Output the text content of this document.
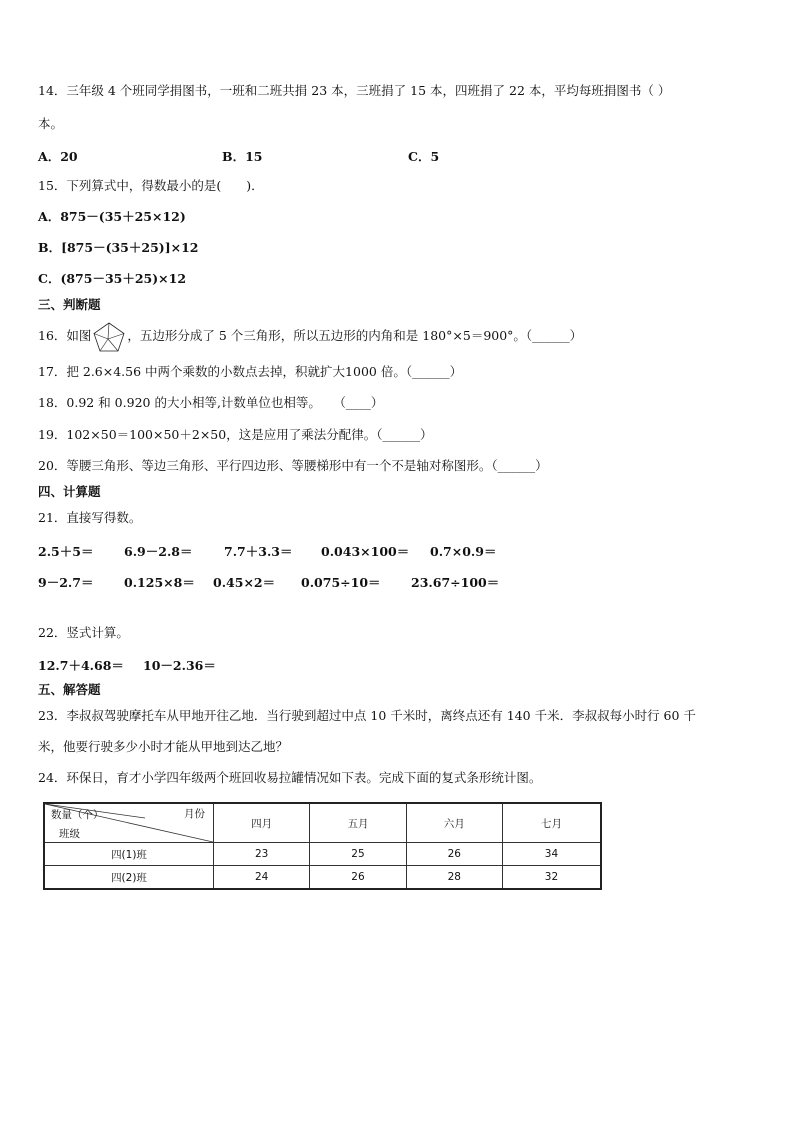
14．三年级 4 个班同学捐图书，一班和二班共捐 23 本，三班捐了 15 本，四班捐了 22 本，平均每班捐图书（ ）
本。
A．20	B．15	C．5
15．下列算式中，得数最小的是(　　)．
A．875－(35＋25×12)
B．[875－(35＋25)]×12
C．(875－35＋25)×12
三、判断题
16．如图	，五边形分成了 5 个三角形，所以五边形的内角和是 180°×5＝900°。（______）
17．把 2.6×4.56 中两个乘数的小数点去掉，积就扩大1000 倍。（______）
18．0.92 和 0.920 的大小相等,计数单位也相等。　　（____）
19．102×50＝100×50＋2×50，这是应用了乘法分配律。（______）
20．等腰三角形、等边三角形、平行四边形、等腰梯形中有一个不是轴对称图形。（______）
四、计算题
21．直接写得数。
2.5＋5＝ 6.9－2.8＝	7.7＋3.3＝ 0.043×100＝ 0.7×0.9＝
9－2.7＝ 0.125×8＝ 0.45×2＝ 0.075÷10＝ 23.67÷100＝
22．竖式计算。
12.7＋4.68＝ 10－2.36＝
五、解答题
23．李叔叔驾驶摩托车从甲地开往乙地．当行驶到超过中点 10 千米时，离终点还有 140 千米．李叔叔每小时行 60 千
米，他要行驶多少小时才能从甲地到达乙地？
24．环保日，育才小学四年级两个班回收易拉罐情况如下表。完成下面的复式条形统计图。
数量（个） 月份
班级	四月	五月	六月	七月
四(1)班	23	25	26	34
四(2)班	24	26	28	32
